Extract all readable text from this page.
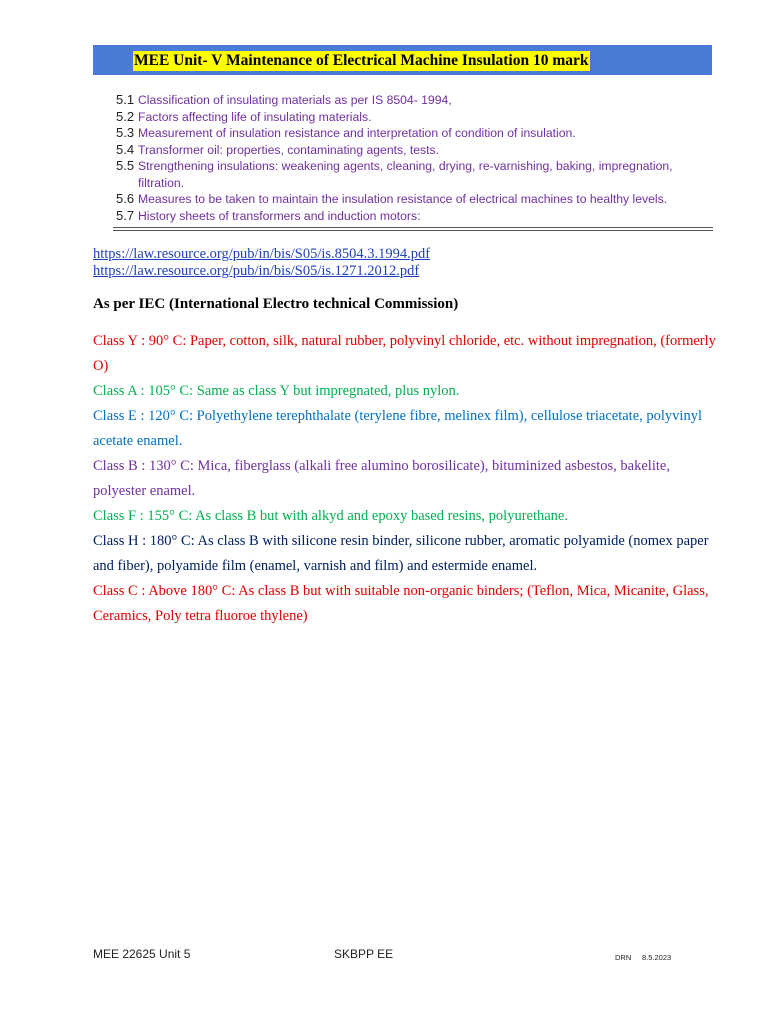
MEE Unit- V Maintenance of Electrical Machine Insulation 10 mark
5.1 Classification of insulating materials as per IS 8504- 1994,
5.2 Factors affecting life of insulating materials.
5.3 Measurement of insulation resistance and interpretation of condition of insulation.
5.4 Transformer oil: properties, contaminating agents, tests.
5.5 Strengthening insulations: weakening agents, cleaning, drying, re-varnishing, baking, impregnation, filtration.
5.6 Measures to be taken to maintain the insulation resistance of electrical machines to healthy levels.
5.7 History sheets of transformers and induction motors:
https://law.resource.org/pub/in/bis/S05/is.8504.3.1994.pdf
https://law.resource.org/pub/in/bis/S05/is.1271.2012.pdf
As per IEC (International Electro technical Commission)

Class Y : 90° C: Paper, cotton, silk, natural rubber, polyvinyl chloride, etc. without impregnation, (formerly O)

Class A : 105° C: Same as class Y but impregnated, plus nylon.

Class E : 120° C: Polyethylene terephthalate (terylene fibre, melinex film), cellulose triacetate, polyvinyl acetate enamel.

Class B : 130° C: Mica, fiberglass (alkali free alumino borosilicate), bituminized asbestos, bakelite, polyester enamel.

Class F : 155° C: As class B but with alkyd and epoxy based resins, polyurethane.

Class H : 180° C: As class B with silicone resin binder, silicone rubber, aromatic polyamide (nomex paper and fiber), polyamide film (enamel, varnish and film) and estermide enamel.

Class C : Above 180° C: As class B but with suitable non-organic binders; (Teflon, Mica, Micanite, Glass, Ceramics, Poly tetra fluoroe thylene)

MEE 22625 Unit 5	SKBPP EE	DRN 8.5.2023
